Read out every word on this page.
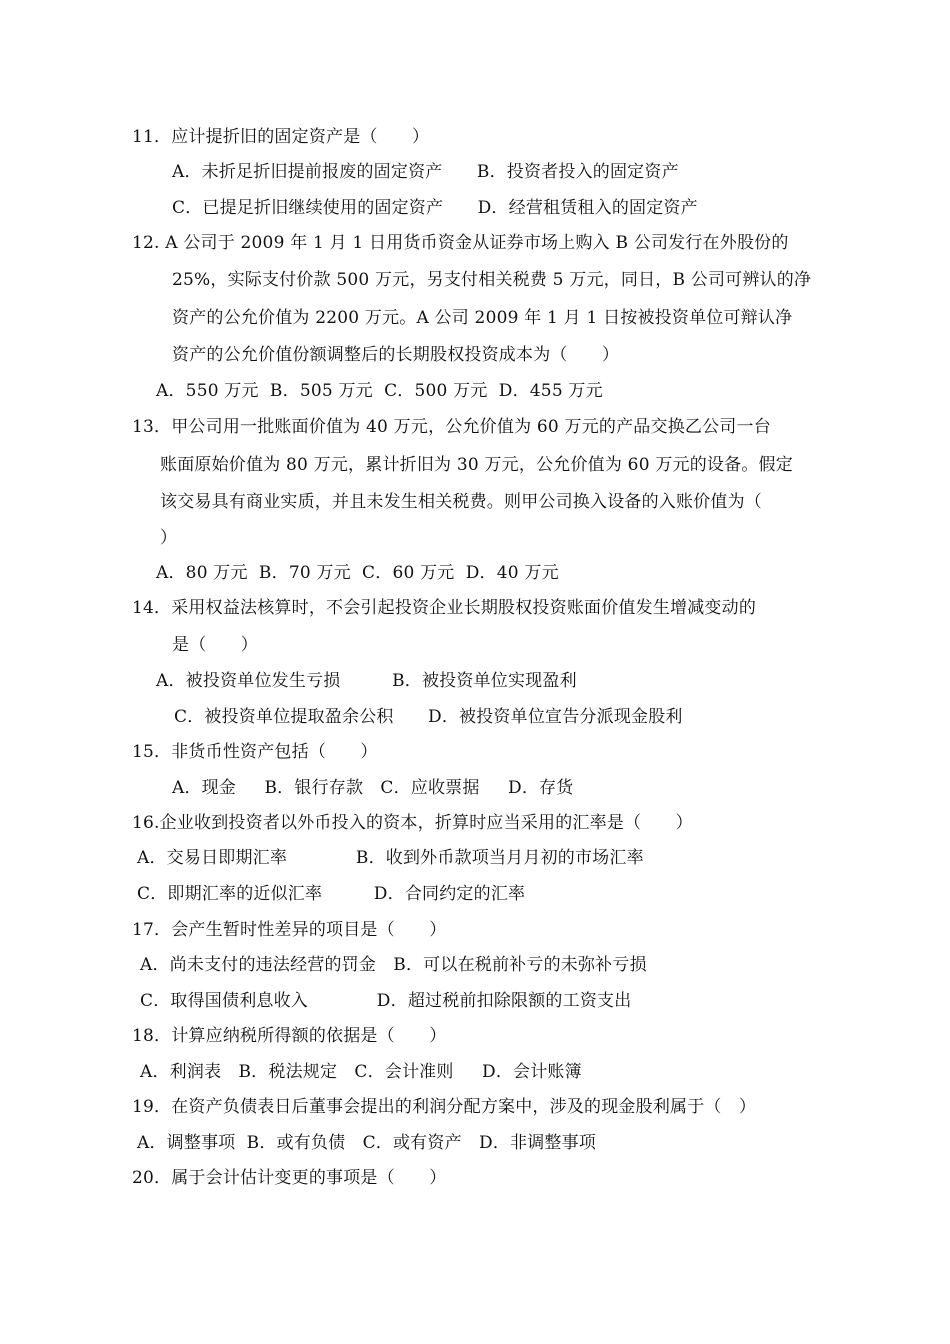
11．应计提折旧的固定资产是（　　）
A．未折足折旧提前报废的固定资产　　B．投资者投入的固定资产
C．已提足折旧继续使用的固定资产　　D．经营租赁租入的固定资产
12. A 公司于 2009 年 1 月 1 日用货币资金从证券市场上购入 B 公司发行在外股份的
25%，实际支付价款 500 万元，另支付相关税费 5 万元，同日，B 公司可辨认的净
资产的公允价值为 2200 万元。A 公司 2009 年 1 月 1 日按被投资单位可辩认净
资产的公允价值份额调整后的长期股权投资成本为（　　）
A．550 万元  B．505 万元  C．500 万元  D．455 万元
13．甲公司用一批账面价值为 40 万元，公允价值为 60 万元的产品交换乙公司一台
账面原始价值为 80 万元，累计折旧为 30 万元，公允价值为 60 万元的设备。假定
该交易具有商业实质，并且未发生相关税费。则甲公司换入设备的入账价值为（
）
A．80 万元  B．70 万元  C．60 万元  D．40 万元
14．采用权益法核算时，不会引起投资企业长期股权投资账面价值发生增减变动的
是（　　）
A．被投资单位发生亏损　　　B．被投资单位实现盈利
C．被投资单位提取盈余公积　　D．被投资单位宣告分派现金股利
15．非货币性资产包括（　　）
A．现金　  B．银行存款　C．应收票据　  D．存货
16.企业收到投资者以外币投入的资本，折算时应当采用的汇率是（　　）
A．交易日即期汇率　　　　B．收到外币款项当月月初的市场汇率
C．即期汇率的近似汇率　　　D．合同约定的汇率
17．会产生暂时性差异的项目是（　　）
A．尚未支付的违法经营的罚金　B．可以在税前补亏的未弥补亏损
C．取得国债利息收入　　　　D．超过税前扣除限额的工资支出
18．计算应纳税所得额的依据是（　　）
A．利润表　B．税法规定　C．会计准则　  D．会计账簿
19．在资产负债表日后董事会提出的利润分配方案中，涉及的现金股利属于（　）
A．调整事项  B．或有负债　C．或有资产　D．非调整事项
20．属于会计估计变更的事项是（　　）
